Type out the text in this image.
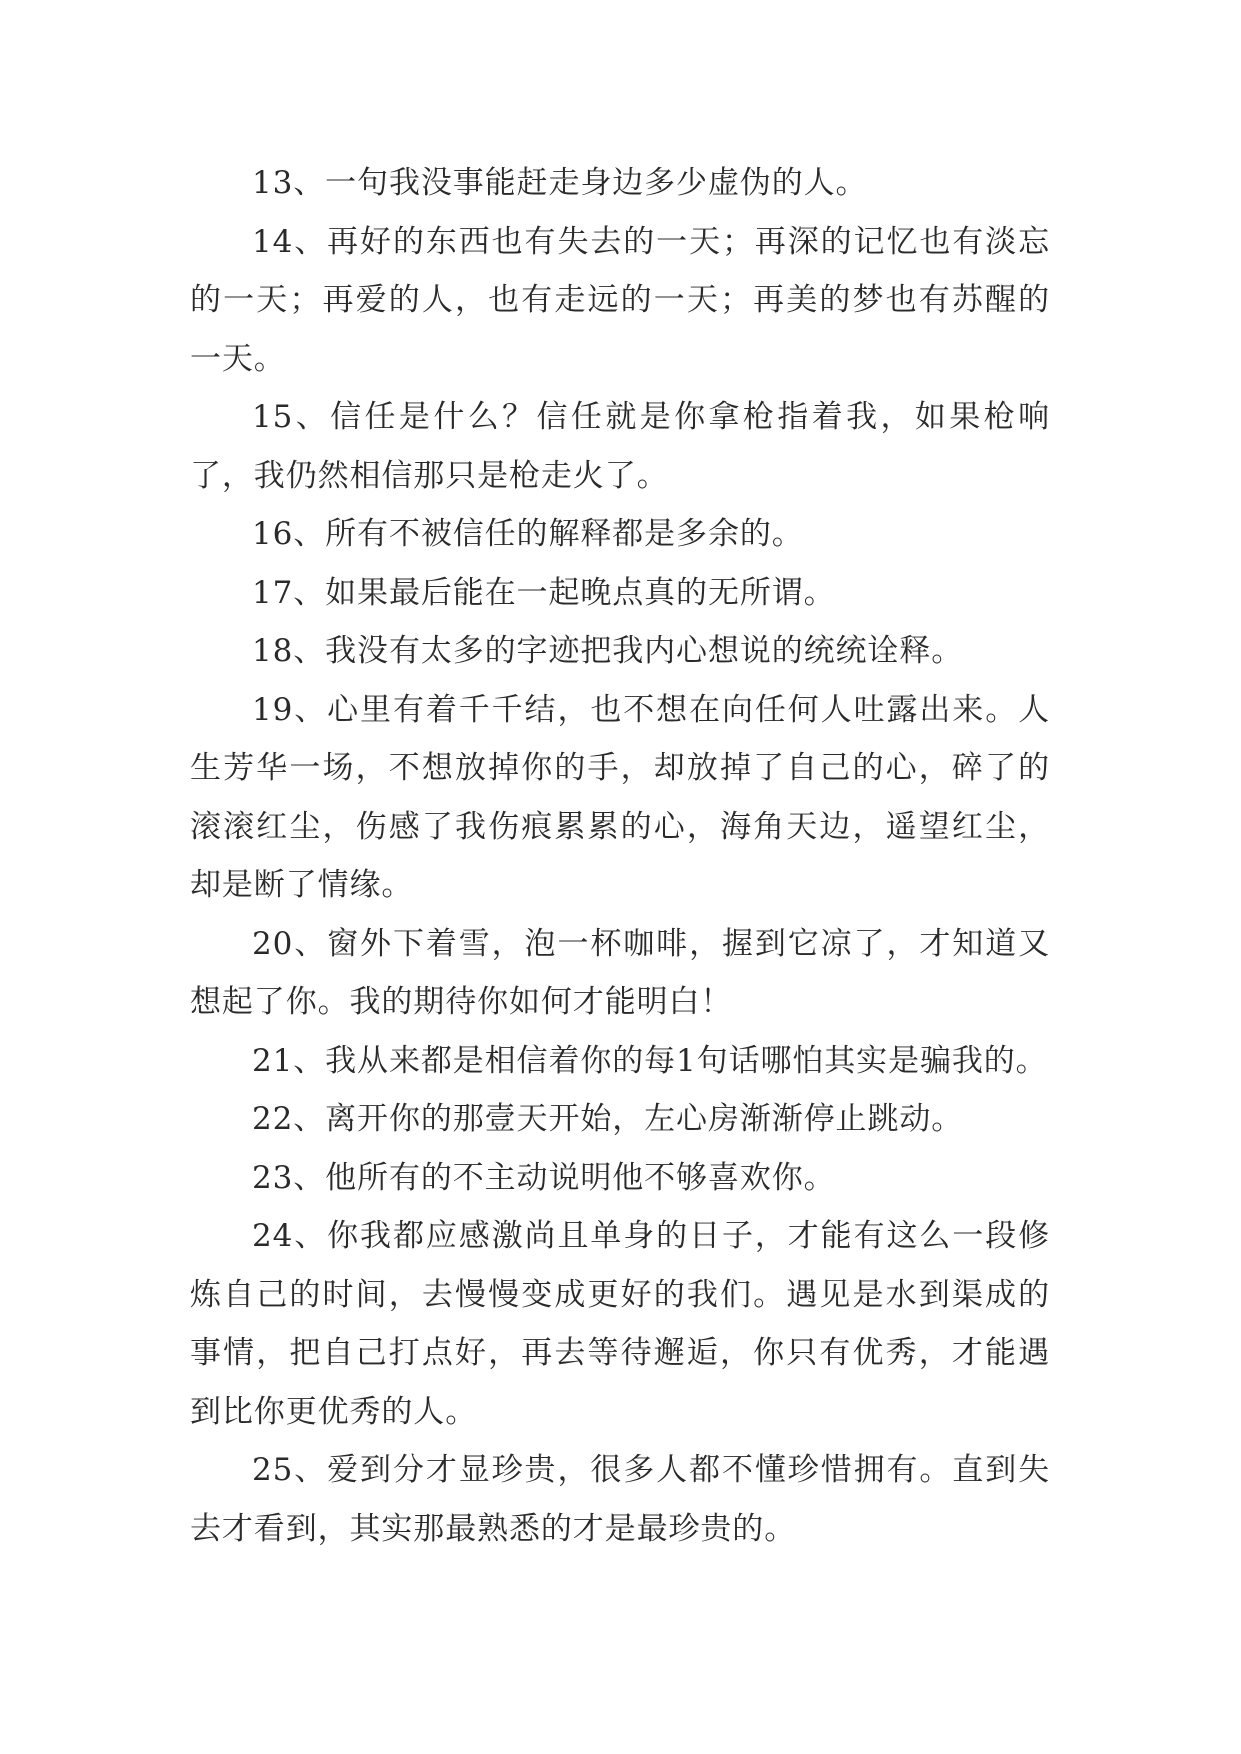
13、一句我没事能赶走身边多少虚伪的人。

14、再好的东西也有失去的一天；再深的记忆也有淡忘的一天；再爱的人，也有走远的一天；再美的梦也有苏醒的一天。

15、信任是什么？信任就是你拿枪指着我，如果枪响了，我仍然相信那只是枪走火了。

16、所有不被信任的解释都是多余的。

17、如果最后能在一起晚点真的无所谓。

18、我没有太多的字迹把我内心想说的统统诠释。

19、心里有着千千结，也不想在向任何人吐露出来。人生芳华一场，不想放掉你的手，却放掉了自己的心，碎了的滚滚红尘，伤感了我伤痕累累的心，海角天边，遥望红尘，却是断了情缘。

20、窗外下着雪，泡一杯咖啡，握到它凉了，才知道又想起了你。我的期待你如何才能明白！

21、我从来都是相信着你的每1句话哪怕其实是骗我的。

22、离开你的那壹天开始，左心房渐渐停止跳动。

23、他所有的不主动说明他不够喜欢你。

24、你我都应感激尚且单身的日子，才能有这么一段修炼自己的时间，去慢慢变成更好的我们。遇见是水到渠成的事情，把自己打点好，再去等待邂逅，你只有优秀，才能遇到比你更优秀的人。

25、爱到分才显珍贵，很多人都不懂珍惜拥有。直到失去才看到，其实那最熟悉的才是最珍贵的。
